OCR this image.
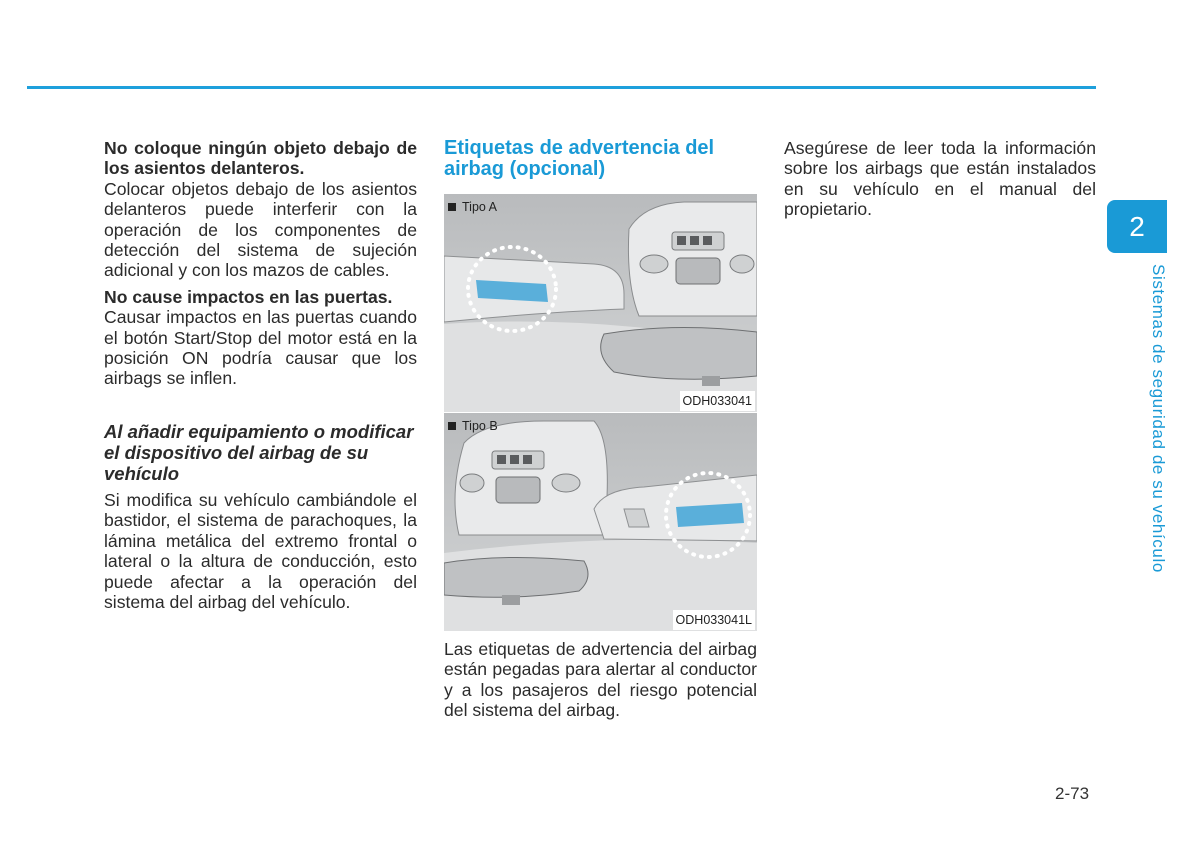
No coloque ningún objeto debajo de los asientos delanteros.

Colocar objetos debajo de los asientos delanteros puede interferir con la operación de los componentes de detección del sistema de sujeción adicional y con los mazos de cables.

No cause impactos en las puertas.

Causar impactos en las puertas cuando el botón Start/Stop del motor está en la posición ON podría causar que los airbags se inflen.

Al añadir equipamiento o modificar el dispositivo del airbag de su vehículo

Si modifica su vehículo cambiándole el bastidor, el sistema de parachoques, la lámina metálica del extremo frontal o lateral o la altura de conducción, esto puede afectar a la operación del sistema del airbag del vehículo.

Etiquetas de advertencia del airbag (opcional)
Tipo A
ODH033041
Tipo B
ODH033041L

Las etiquetas de advertencia del airbag están pegadas para alertar al conductor y a los pasajeros del riesgo potencial del sistema del airbag.

Asegúrese de leer toda la información sobre los airbags que están instalados en su vehículo en el manual del propietario.

2
Sistemas de seguridad de su vehículo
2-73
